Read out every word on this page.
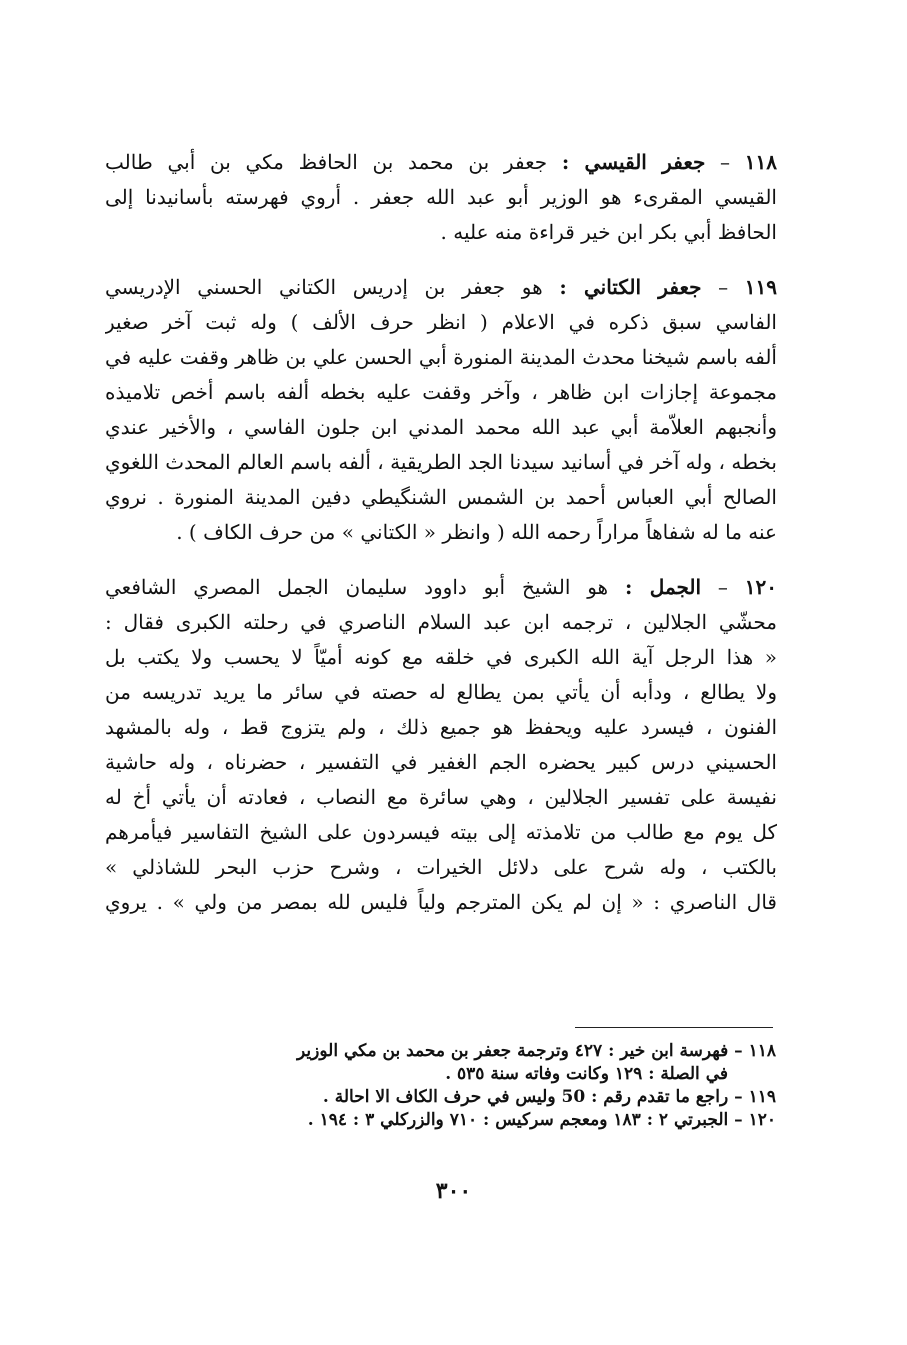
١١٨ – جعفر القيسي : جعفر بن محمد بن الحافظ مكي بن أبي طالب
القيسي المقرىء هو الوزير أبو عبد الله جعفر . أروي فهرسته بأسانيدنا إلى
الحافظ أبي بكر ابن خير قراءة منه عليه .
١١٩ – جعفر الكتاني : هو جعفر بن إدريس الكتاني الحسني الإدريسي
الفاسي سبق ذكره في الاعلام ( انظر حرف الألف ) وله ثبت آخر صغير
ألفه باسم شيخنا محدث المدينة المنورة أبي الحسن علي بن ظاهر وقفت عليه في
مجموعة إجازات ابن ظاهر ، وآخر وقفت عليه بخطه ألفه باسم أخص تلاميذه
وأنجبهم العلاّمة أبي عبد الله محمد المدني ابن جلون الفاسي ، والأخير عندي
بخطه ، وله آخر في أسانيد سيدنا الجد الطريقية ، ألفه باسم العالم المحدث اللغوي
الصالح أبي العباس أحمد بن الشمس الشنگيطي دفين المدينة المنورة . نروي
عنه ما له شفاهاً مراراً رحمه الله ( وانظر « الكتاني » من حرف الكاف ) .
١٢٠ – الجمل : هو الشيخ أبو داوود سليمان الجمل المصري الشافعي
محشّي الجلالين ، ترجمه ابن عبد السلام الناصري في رحلته الكبرى فقال :
« هذا الرجل آية الله الكبرى في خلقه مع كونه أميّاً لا يحسب ولا يكتب بل
ولا يطالع ، ودأبه أن يأتي بمن يطالع له حصته في سائر ما يريد تدريسه من
الفنون ، فيسرد عليه ويحفظ هو جميع ذلك ، ولم يتزوج قط ، وله بالمشهد
الحسيني درس كبير يحضره الجم الغفير في التفسير ، حضرناه ، وله حاشية
نفيسة على تفسير الجلالين ، وهي سائرة مع النصاب ، فعادته أن يأتي أخ له
كل يوم مع طالب من تلامذته إلى بيته فيسردون على الشيخ التفاسير فيأمرهم
بالكتب ، وله شرح على دلائل الخيرات ، وشرح حزب البحر للشاذلي »
قال الناصري : « إن لم يكن المترجم ولياً فليس لله بمصر من ولي » . يروي
١١٨ – فهرسة ابن خير : ٤٢٧ وترجمة جعفر بن محمد بن مكي الوزير
في الصلة : ١٢٩ وكانت وفاته سنة ٥٣٥ .
١١٩ – راجع ما تقدم رقم : 50 وليس في حرف الكاف الا احالة .
١٢٠ – الجبرتي ٢ : ١٨٣ ومعجم سركيس : ٧١٠ والزركلي ٣ : ١٩٤ .
٣٠٠
